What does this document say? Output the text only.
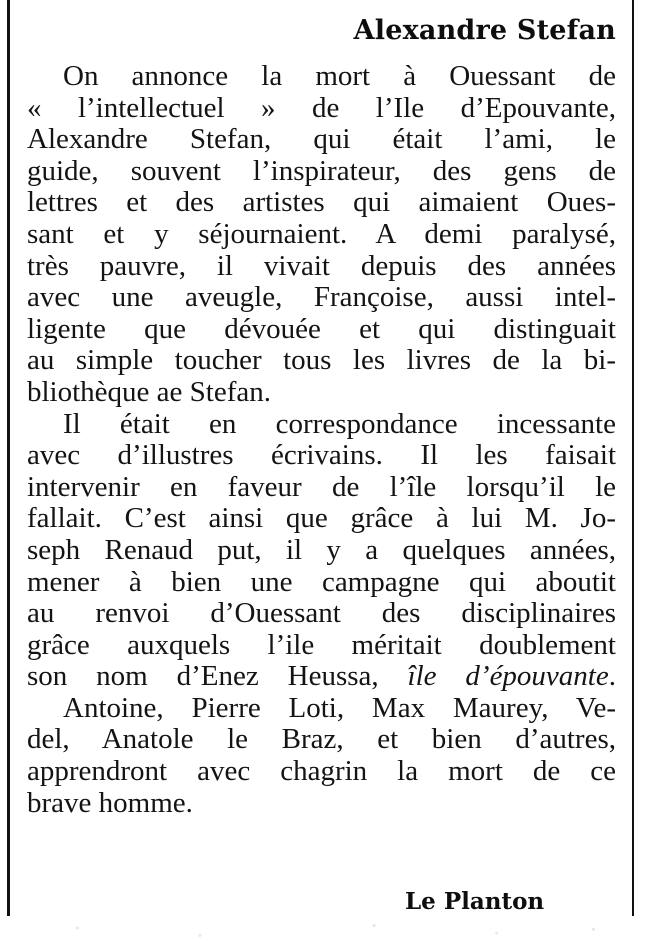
Alexandre Stefan
On annonce la mort à Ouessant de
« l’intellectuel » de l’Ile d’Epouvante,
Alexandre Stefan, qui était l’ami, le
guide, souvent l’inspirateur, des gens de
lettres et des artistes qui aimaient Oues-
sant et y séjournaient. A demi paralysé,
très pauvre, il vivait depuis des années
avec une aveugle, Françoise, aussi intel-
ligente que dévouée et qui distinguait
au simple toucher tous les livres de la bi-
bliothèque ae Stefan.
Il était en correspondance incessante
avec d’illustres écrivains. Il les faisait
intervenir en faveur de l’île lorsqu’il le
fallait. C’est ainsi que grâce à lui M. Jo-
seph Renaud put, il y a quelques années,
mener à bien une campagne qui aboutit
au renvoi d’Ouessant des disciplinaires
grâce auxquels l’ile méritait doublement
son nom d’Enez Heussa, île d’épouvante.
Antoine, Pierre Loti, Max Maurey, Ve-
del, Anatole le Braz, et bien d’autres,
apprendront avec chagrin la mort de ce
brave homme.
Le Planton
